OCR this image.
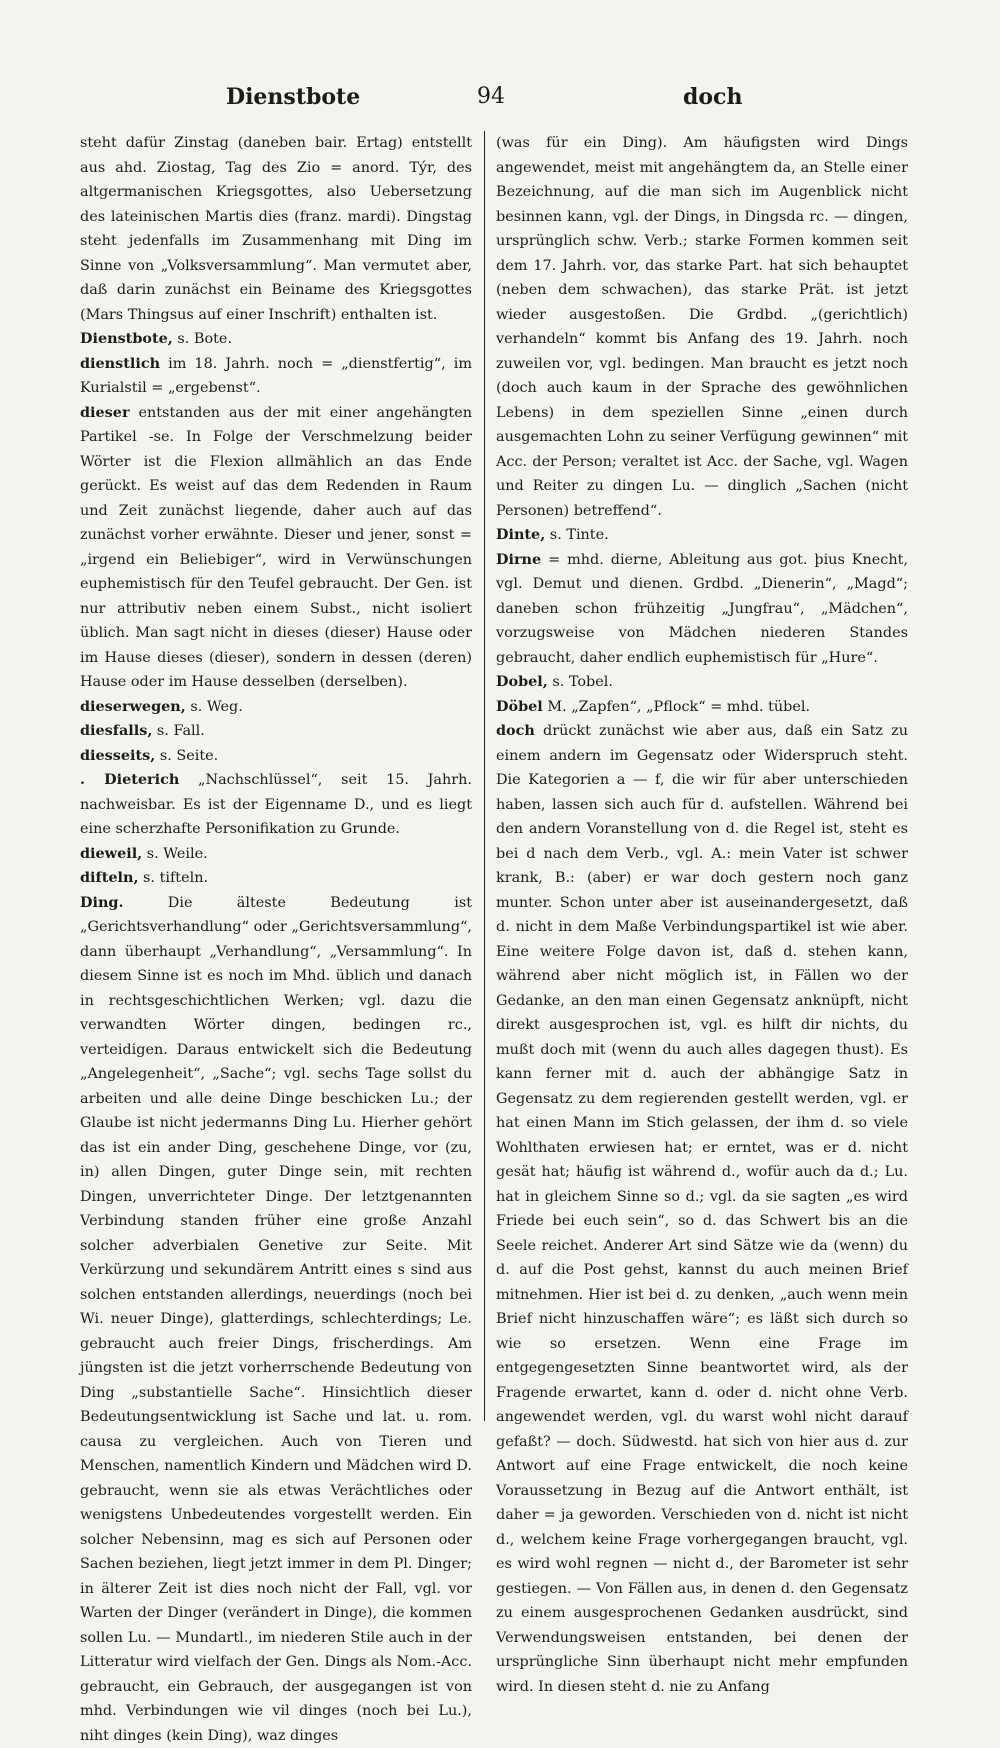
Dienstbote	94	doch

steht dafür Zinstag (daneben bair. Ertag) entstellt aus ahd. Ziostag, Tag des Zio = anord. Týr, des altgermanischen Kriegsgottes, also Uebersetzung des lateinischen Martis dies (franz. mardi). Dingstag steht jedenfalls im Zusammenhang mit Ding im Sinne von „Volksversammlung“. Man vermutet aber, daß darin zunächst ein Beiname des Kriegsgottes (Mars Thingsus auf einer Inschrift) enthalten ist.

Dienstbote, s. Bote.

dienstlich im 18. Jahrh. noch = „dienstfertig“, im Kurialstil = „ergebenst“.

dieser entstanden aus der mit einer angehängten Partikel -se. In Folge der Verschmelzung beider Wörter ist die Flexion allmählich an das Ende gerückt. Es weist auf das dem Redenden in Raum und Zeit zunächst liegende, daher auch auf das zunächst vorher erwähnte. Dieser und jener, sonst = „irgend ein Beliebiger“, wird in Verwünschungen euphemistisch für den Teufel gebraucht. Der Gen. ist nur attributiv neben einem Subst., nicht isoliert üblich. Man sagt nicht in dieses (dieser) Hause oder im Hause dieses (dieser), sondern in dessen (deren) Hause oder im Hause desselben (derselben).

dieserwegen, s. Weg.

diesfalls, s. Fall.

diesseits, s. Seite.

. Dieterich „Nachschlüssel“, seit 15. Jahrh. nachweisbar. Es ist der Eigenname D., und es liegt eine scherzhafte Personifikation zu Grunde.

dieweil, s. Weile.

difteln, s. tifteln.

Ding. Die älteste Bedeutung ist „Gerichtsverhandlung“ oder „Gerichtsversammlung“, dann überhaupt „Verhandlung“, „Versammlung“. In diesem Sinne ist es noch im Mhd. üblich und danach in rechtsgeschichtlichen Werken; vgl. dazu die verwandten Wörter dingen, bedingen rc., verteidigen. Daraus entwickelt sich die Bedeutung „Angelegenheit“, „Sache“; vgl. sechs Tage sollst du arbeiten und alle deine Dinge beschicken Lu.; der Glaube ist nicht jedermanns Ding Lu. Hierher gehört das ist ein ander Ding, geschehene Dinge, vor (zu, in) allen Dingen, guter Dinge sein, mit rechten Dingen, unverrichteter Dinge. Der letztgenannten Verbindung standen früher eine große Anzahl solcher adverbialen Genetive zur Seite. Mit Verkürzung und sekundärem Antritt eines s sind aus solchen entstanden allerdings, neuerdings (noch bei Wi. neuer Dinge), glatterdings, schlechterdings; Le. gebraucht auch freier Dings, frischerdings. Am jüngsten ist die jetzt vorherrschende Bedeutung von Ding „substantielle Sache“. Hinsichtlich dieser Bedeutungsentwicklung ist Sache und lat. u. rom. causa zu vergleichen. Auch von Tieren und Menschen, namentlich Kindern und Mädchen wird D. gebraucht, wenn sie als etwas Verächtliches oder wenigstens Unbedeutendes vorgestellt werden. Ein solcher Nebensinn, mag es sich auf Personen oder Sachen beziehen, liegt jetzt immer in dem Pl. Dinger; in älterer Zeit ist dies noch nicht der Fall, vgl. vor Warten der Dinger (verändert in Dinge), die kommen sollen Lu. — Mundartl., im niederen Stile auch in der Litteratur wird vielfach der Gen. Dings als Nom.-Acc. gebraucht, ein Gebrauch, der ausgegangen ist von mhd. Verbindungen wie vil dinges (noch bei Lu.), niht dinges (kein Ding), waz dinges

(was für ein Ding). Am häufigsten wird Dings angewendet, meist mit angehängtem da, an Stelle einer Bezeichnung, auf die man sich im Augenblick nicht besinnen kann, vgl. der Dings, in Dingsda rc. — dingen, ursprünglich schw. Verb.; starke Formen kommen seit dem 17. Jahrh. vor, das starke Part. hat sich behauptet (neben dem schwachen), das starke Prät. ist jetzt wieder ausgestoßen. Die Grdbd. „(gerichtlich) verhandeln“ kommt bis Anfang des 19. Jahrh. noch zuweilen vor, vgl. bedingen. Man braucht es jetzt noch (doch auch kaum in der Sprache des gewöhnlichen Lebens) in dem speziellen Sinne „einen durch ausgemachten Lohn zu seiner Verfügung gewinnen“ mit Acc. der Person; veraltet ist Acc. der Sache, vgl. Wagen und Reiter zu dingen Lu. — dinglich „Sachen (nicht Personen) betreffend“.

Dinte, s. Tinte.

Dirne = mhd. dierne, Ableitung aus got. þius Knecht, vgl. Demut und dienen. Grdbd. „Dienerin“, „Magd“; daneben schon frühzeitig „Jungfrau“, „Mädchen“, vorzugsweise von Mädchen niederen Standes gebraucht, daher endlich euphemistisch für „Hure“.

Dobel, s. Tobel.

Döbel M. „Zapfen“, „Pflock“ = mhd. tübel.

doch drückt zunächst wie aber aus, daß ein Satz zu einem andern im Gegensatz oder Widerspruch steht. Die Kategorien a — f, die wir für aber unterschieden haben, lassen sich auch für d. aufstellen. Während bei den andern Voranstellung von d. die Regel ist, steht es bei d nach dem Verb., vgl. A.: mein Vater ist schwer krank, B.: (aber) er war doch gestern noch ganz munter. Schon unter aber ist auseinandergesetzt, daß d. nicht in dem Maße Verbindungspartikel ist wie aber. Eine weitere Folge davon ist, daß d. stehen kann, während aber nicht möglich ist, in Fällen wo der Gedanke, an den man einen Gegensatz anknüpft, nicht direkt ausgesprochen ist, vgl. es hilft dir nichts, du mußt doch mit (wenn du auch alles dagegen thust). Es kann ferner mit d. auch der abhängige Satz in Gegensatz zu dem regierenden gestellt werden, vgl. er hat einen Mann im Stich gelassen, der ihm d. so viele Wohlthaten erwiesen hat; er erntet, was er d. nicht gesät hat; häufig ist während d., wofür auch da d.; Lu. hat in gleichem Sinne so d.; vgl. da sie sagten „es wird Friede bei euch sein“, so d. das Schwert bis an die Seele reichet. Anderer Art sind Sätze wie da (wenn) du d. auf die Post gehst, kannst du auch meinen Brief mitnehmen. Hier ist bei d. zu denken, „auch wenn mein Brief nicht hinzuschaffen wäre“; es läßt sich durch so wie so ersetzen. Wenn eine Frage im entgegengesetzten Sinne beantwortet wird, als der Fragende erwartet, kann d. oder d. nicht ohne Verb. angewendet werden, vgl. du warst wohl nicht darauf gefaßt? — doch. Südwestd. hat sich von hier aus d. zur Antwort auf eine Frage entwickelt, die noch keine Voraussetzung in Bezug auf die Antwort enthält, ist daher = ja geworden. Verschieden von d. nicht ist nicht d., welchem keine Frage vorhergegangen braucht, vgl. es wird wohl regnen — nicht d., der Barometer ist sehr gestiegen. — Von Fällen aus, in denen d. den Gegensatz zu einem ausgesprochenen Gedanken ausdrückt, sind Verwendungsweisen entstanden, bei denen der ursprüngliche Sinn überhaupt nicht mehr empfunden wird. In diesen steht d. nie zu Anfang
